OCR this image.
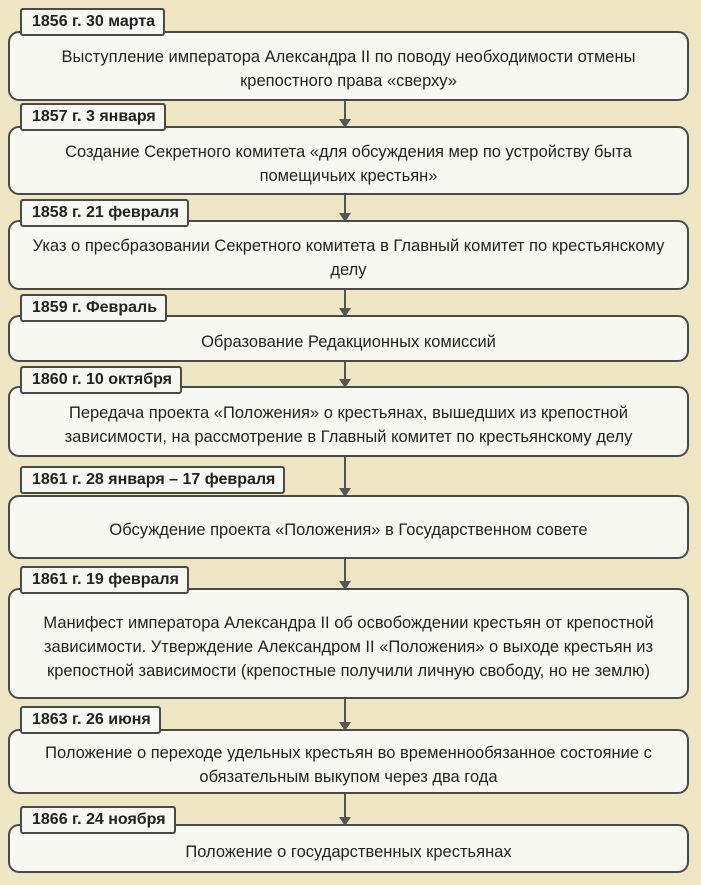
Выступление императора Александра II по поводу необходимости отмены крепостного права «сверху»
1856 г. 30 марта
Создание Секретного комитета «для обсуждения мер по устройству быта помещичьих крестьян»
1857 г. 3 января
Указ о пресбразовании Секретного комитета в Главный комитет по крестьянскому делу
1858 г. 21 февраля
Образование Редакционных комиссий
1859 г. Февраль
Передача проекта «Положения» о крестьянах, вышедших из крепостной зависимости, на рассмотрение в Главный комитет по крестьянскому делу
1860 г. 10 октября
Обсуждение проекта «Положения» в Государственном совете
1861 г. 28 января – 17 февраля
Манифест императора Александра II об освобождении крестьян от крепостной зависимости. Утверждение Александром II «Положения» о выходе крестьян из крепостной зависимости (крепостные получили личную свободу, но не землю)
1861 г. 19 февраля
Положение о переходе удельных крестьян во временнообязанное состояние с обязательным выкупом через два года
1863 г. 26 июня
Положение о государственных крестьянах
1866 г. 24 ноября
